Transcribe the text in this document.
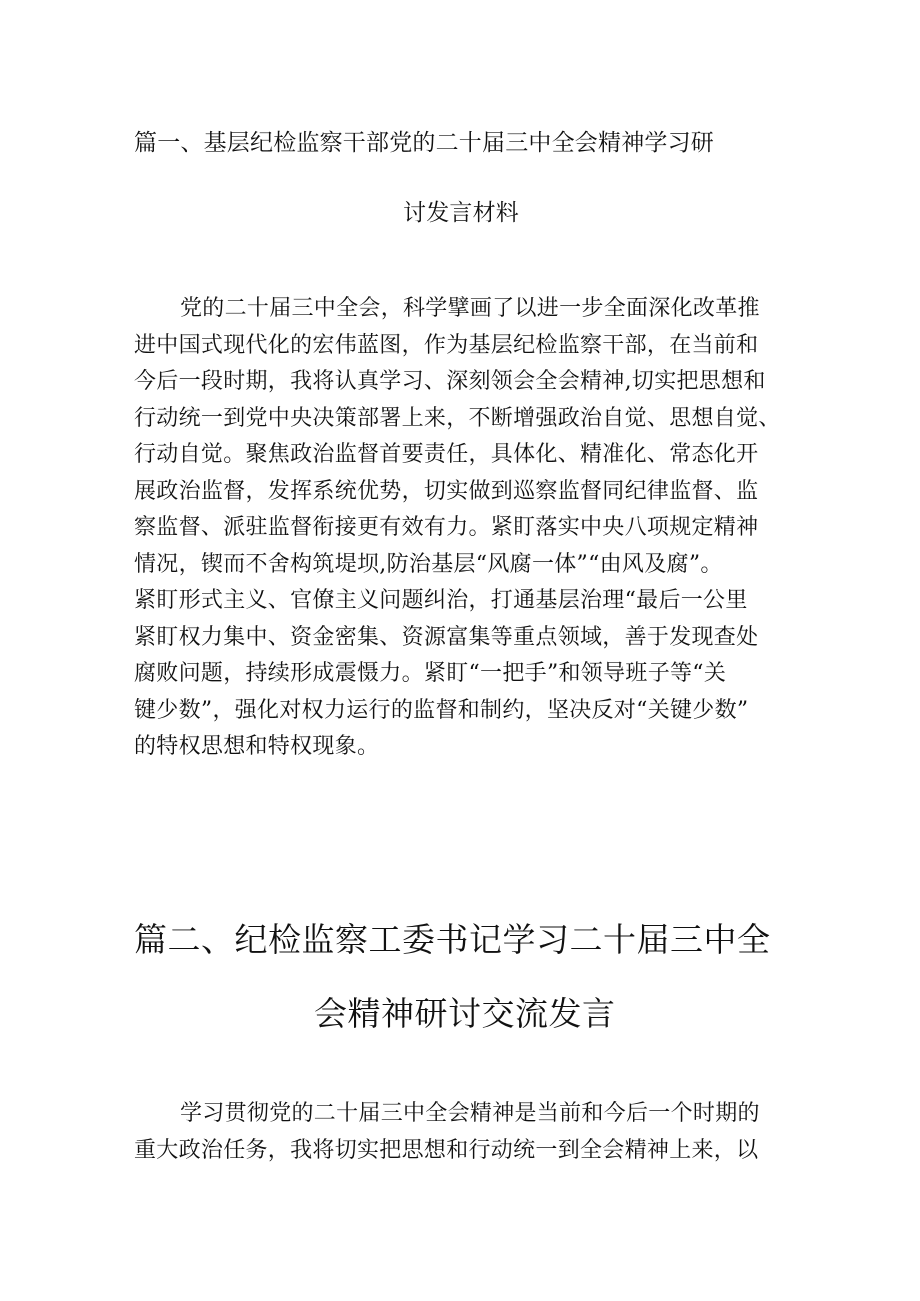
篇一、基层纪检监察干部党的二十届三中全会精神学习研
讨发言材料
党的二十届三中全会，科学擘画了以进一步全面深化改革推
进中国式现代化的宏伟蓝图，作为基层纪检监察干部，在当前和
今后一段时期，我将认真学习、深刻领会全会精神,切实把思想和
行动统一到党中央决策部署上来，不断增强政治自觉、思想自觉、
行动自觉。聚焦政治监督首要责任，具体化、精准化、常态化开
展政治监督，发挥系统优势，切实做到巡察监督同纪律监督、监
察监督、派驻监督衔接更有效有力。紧盯落实中央八项规定精神
情况，锲而不舍构筑堤坝,防治基层“风腐一体”“由风及腐”。
紧盯形式主义、官僚主义问题纠治，打通基层治理“最后一公里
紧盯权力集中、资金密集、资源富集等重点领域，善于发现查处
腐败问题，持续形成震慑力。紧盯“一把手”和领导班子等“关
键少数”，强化对权力运行的监督和制约，坚决反对“关键少数”
的特权思想和特权现象。
篇二、纪检监察工委书记学习二十届三中全
会精神研讨交流发言
学习贯彻党的二十届三中全会精神是当前和今后一个时期的
重大政治任务，我将切实把思想和行动统一到全会精神上来，以
